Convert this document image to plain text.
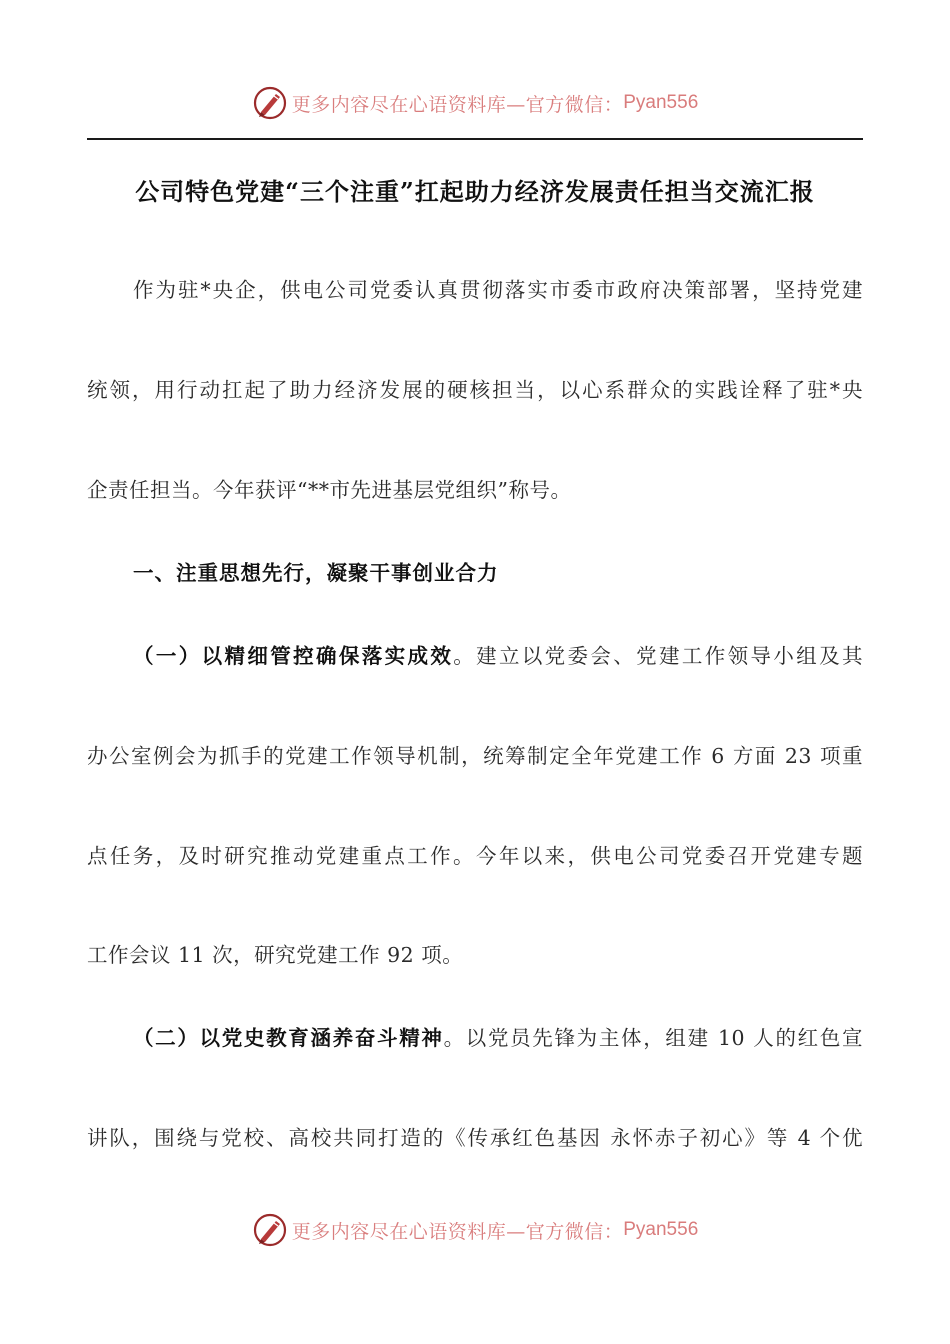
更多内容尽在心语资料库—官方微信： Pyan556
公司特色党建“三个注重”扛起助力经济发展责任担当交流汇报
作为驻*央企，供电公司党委认真贯彻落实市委市政府决策部署，坚持党建
统领，用行动扛起了助力经济发展的硬核担当，以心系群众的实践诠释了驻*央
企责任担当。今年获评“**市先进基层党组织”称号。
一、注重思想先行，凝聚干事创业合力
（一）以精细管控确保落实成效。建立以党委会、党建工作领导小组及其
办公室例会为抓手的党建工作领导机制，统筹制定全年党建工作 6 方面 23 项重
点任务，及时研究推动党建重点工作。今年以来，供电公司党委召开党建专题
工作会议 11 次，研究党建工作 92 项。
（二）以党史教育涵养奋斗精神。以党员先锋为主体，组建 10 人的红色宣
讲队，围绕与党校、高校共同打造的《传承红色基因 永怀赤子初心》等 4 个优
更多内容尽在心语资料库—官方微信： Pyan556
